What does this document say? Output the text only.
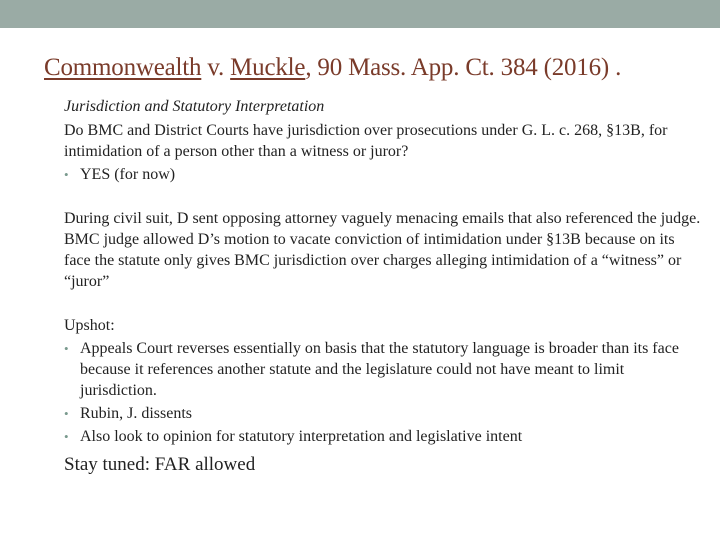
Commonwealth v. Muckle, 90 Mass. App. Ct. 384 (2016) .
Jurisdiction and Statutory Interpretation

Do BMC and District Courts have jurisdiction over prosecutions under G. L. c. 268, §13B, for intimidation of a person other than a witness or juror?

• YES (for now)

During civil suit, D sent opposing attorney vaguely menacing emails that also referenced the judge. BMC judge allowed D’s motion to vacate conviction of intimidation under §13B because on its face the statute only gives BMC jurisdiction over charges alleging intimidation of a “witness” or “juror”

Upshot:

• Appeals Court reverses essentially on basis that the statutory language is broader than its face because it references another statute and the legislature could not have meant to limit jurisdiction.
• Rubin, J. dissents
• Also look to opinion for statutory interpretation and legislative intent
Stay tuned: FAR allowed
